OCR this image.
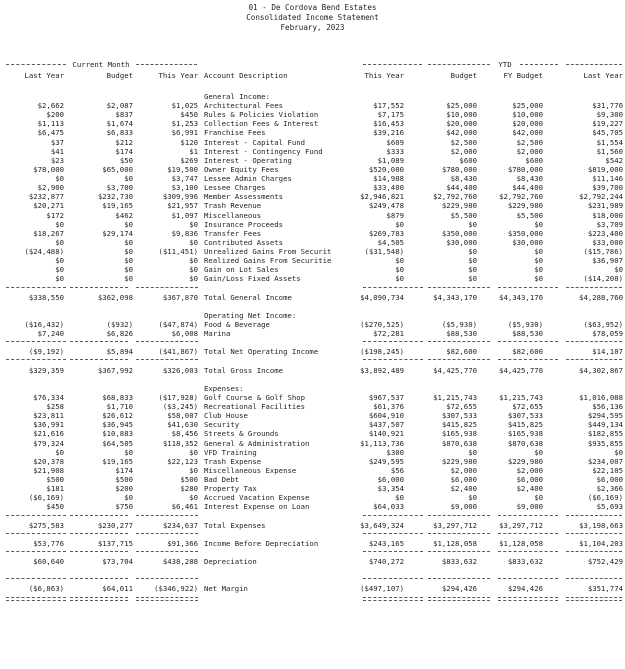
01 - De Cordova Bend Estates
Consolidated Income Statement
February, 2023
Current Month	YTD
Last Year	Budget	This Year Account Description	This Year	Budget	FY Budget	Last Year
General Income:
$2,662	$2,087	$1,025 Architectural Fees	$17,552	$25,000	$25,000	$31,770
$200	$837	$450 Rules & Policies Violation	$7,175	$10,000	$10,000	$9,300
$1,113	$1,674	$1,253 Collection Fees & Interest	$16,453	$20,000	$20,000	$19,227
$6,475	$6,833	$6,991 Franchise Fees	$39,216	$42,000	$42,000	$45,705
$37	$212	$120 Interest - Capital Fund	$609	$2,500	$2,500	$1,554
$41	$174	$1 Interest - Contingency Fund	$333	$2,000	$2,000	$1,560
$23	$50	$269 Interest - Operating	$1,089	$600	$600	$542
$78,000	$65,000	$19,500 Owner Equity Fees	$520,000	$780,000	$780,000	$819,000
$0	$0	$3,747 Lessee Admin Charges	$14,988	$8,430	$8,430	$11,146
$2,900	$3,700	$3,100 Lessee Charges	$33,400	$44,400	$44,400	$39,700
$232,877	$232,730	$309,996 Member Assessments	$2,946,821	$2,792,760	$2,792,760	$2,792,244
$20,271	$19,165	$21,957 Trash Revenue	$249,478	$229,980	$229,980	$231,989
$172	$462	$1,097 Miscellaneous	$879	$5,500	$5,500	$18,000
$0	$0	$0 Insurance Proceeds	$0	$0	$0	$3,709
$18,267	$29,174	$9,836 Transfer Fees	$269,783	$350,000	$350,000	$223,400
$0	$0	$0 Contributed Assets	$4,505	$30,000	$30,000	$33,000
($24,488)	$0	($11,451) Unrealized Gains From Securit	($31,548)	$0	$0	($15,786)
$0	$0	$0 Realized Gains From Securitie	$0	$0	$0	$36,907
$0	$0	$0 Gain on Lot Sales	$0	$0	$0	$0
$0	$0	$0 Gain/Loss Fixed Assets	$0	$0	$0	($14,208)
$338,550	$362,098	$367,870 Total General Income	$4,090,734	$4,343,170	$4,343,170	$4,288,760
Operating Net Income:
($16,432)	($932)	($47,874) Food & Beverage	($270,525)	($5,930)	($5,930)	($63,952)
$7,240	$6,826	$6,008 Marina	$72,281	$88,530	$88,530	$78,059
($9,192)	$5,894	($41,867) Total Net Operating Income	($198,245)	$82,600	$82,600	$14,107
$329,359	$367,992	$326,003 Total Gross Income	$3,892,489	$4,425,770	$4,425,770	$4,302,867
Expenses:
$76,334	$68,833	($17,928) Golf Course & Golf Shop	$967,537	$1,215,743	$1,215,743	$1,016,088
$258	$1,710	($3,245) Recreational Facilities	$61,376	$72,655	$72,655	$56,136
$23,811	$26,612	$58,007 Club House	$604,910	$307,533	$307,533	$294,595
$36,991	$36,945	$41,630 Security	$437,507	$415,825	$415,825	$449,134
$21,616	$10,883	$8,456 Streets & Grounds	$140,921	$165,938	$165,938	$182,855
$79,324	$64,505	$118,352 General & Administration	$1,113,736	$870,638	$870,638	$935,855
$0	$0	$0 VFD Training	$300	$0	$0	$0
$20,378	$19,165	$22,123 Trash Expense	$249,595	$229,980	$229,980	$234,007
$21,908	$174	$0 Miscellaneous Expense	$56	$2,000	$2,000	$22,105
$500	$500	$500 Bad Debt	$6,000	$6,000	$6,000	$6,000
$181	$200	$280 Property Tax	$3,354	$2,400	$2,400	$2,366
($6,169)	$0	$0 Accrued Vacation Expense	$0	$0	$0	($6,169)
$450	$750	$6,461 Interest Expense on Loan	$64,033	$9,000	$9,000	$5,693
$275,583	$230,277	$234,637 Total Expenses	$3,649,324	$3,297,712	$3,297,712	$3,198,663
$53,776	$137,715	$91,366 Income Before Depreciation	$243,165	$1,128,058	$1,128,058	$1,104,203
$60,640	$73,704	$438,288 Depreciation	$740,272	$833,632	$833,632	$752,429
($6,863)	$64,011	($346,922) Net Margin	($497,107)	$294,426	$294,426	$351,774
